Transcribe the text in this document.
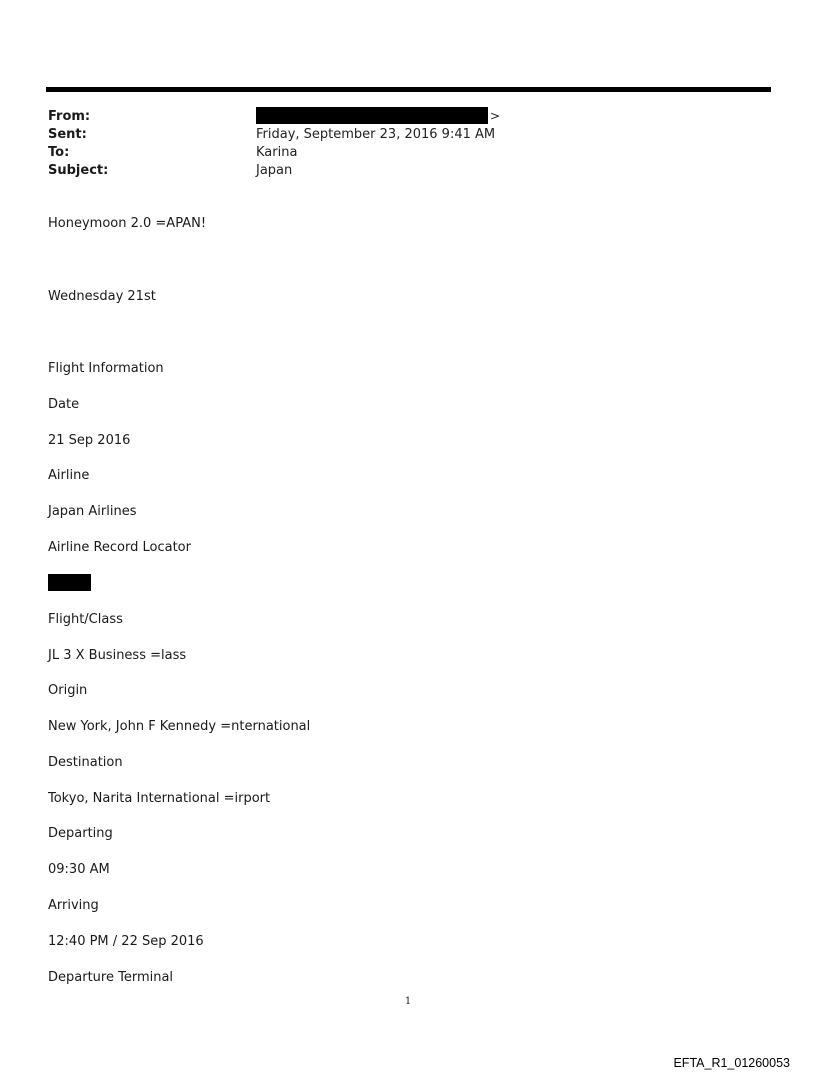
From:	>
Sent:	Friday, September 23, 2016 9:41 AM
To:	Karina
Subject:	Japan
Honeymoon 2.0 =APAN!
Wednesday 21st
Flight Information
Date
21 Sep 2016
Airline
Japan Airlines
Airline Record Locator
Flight/Class
JL 3 X Business =lass
Origin
New York, John F Kennedy =nternational
Destination
Tokyo, Narita International =irport
Departing
09:30 AM
Arriving
12:40 PM / 22 Sep 2016
Departure Terminal
1
EFTA_R1_01260053
